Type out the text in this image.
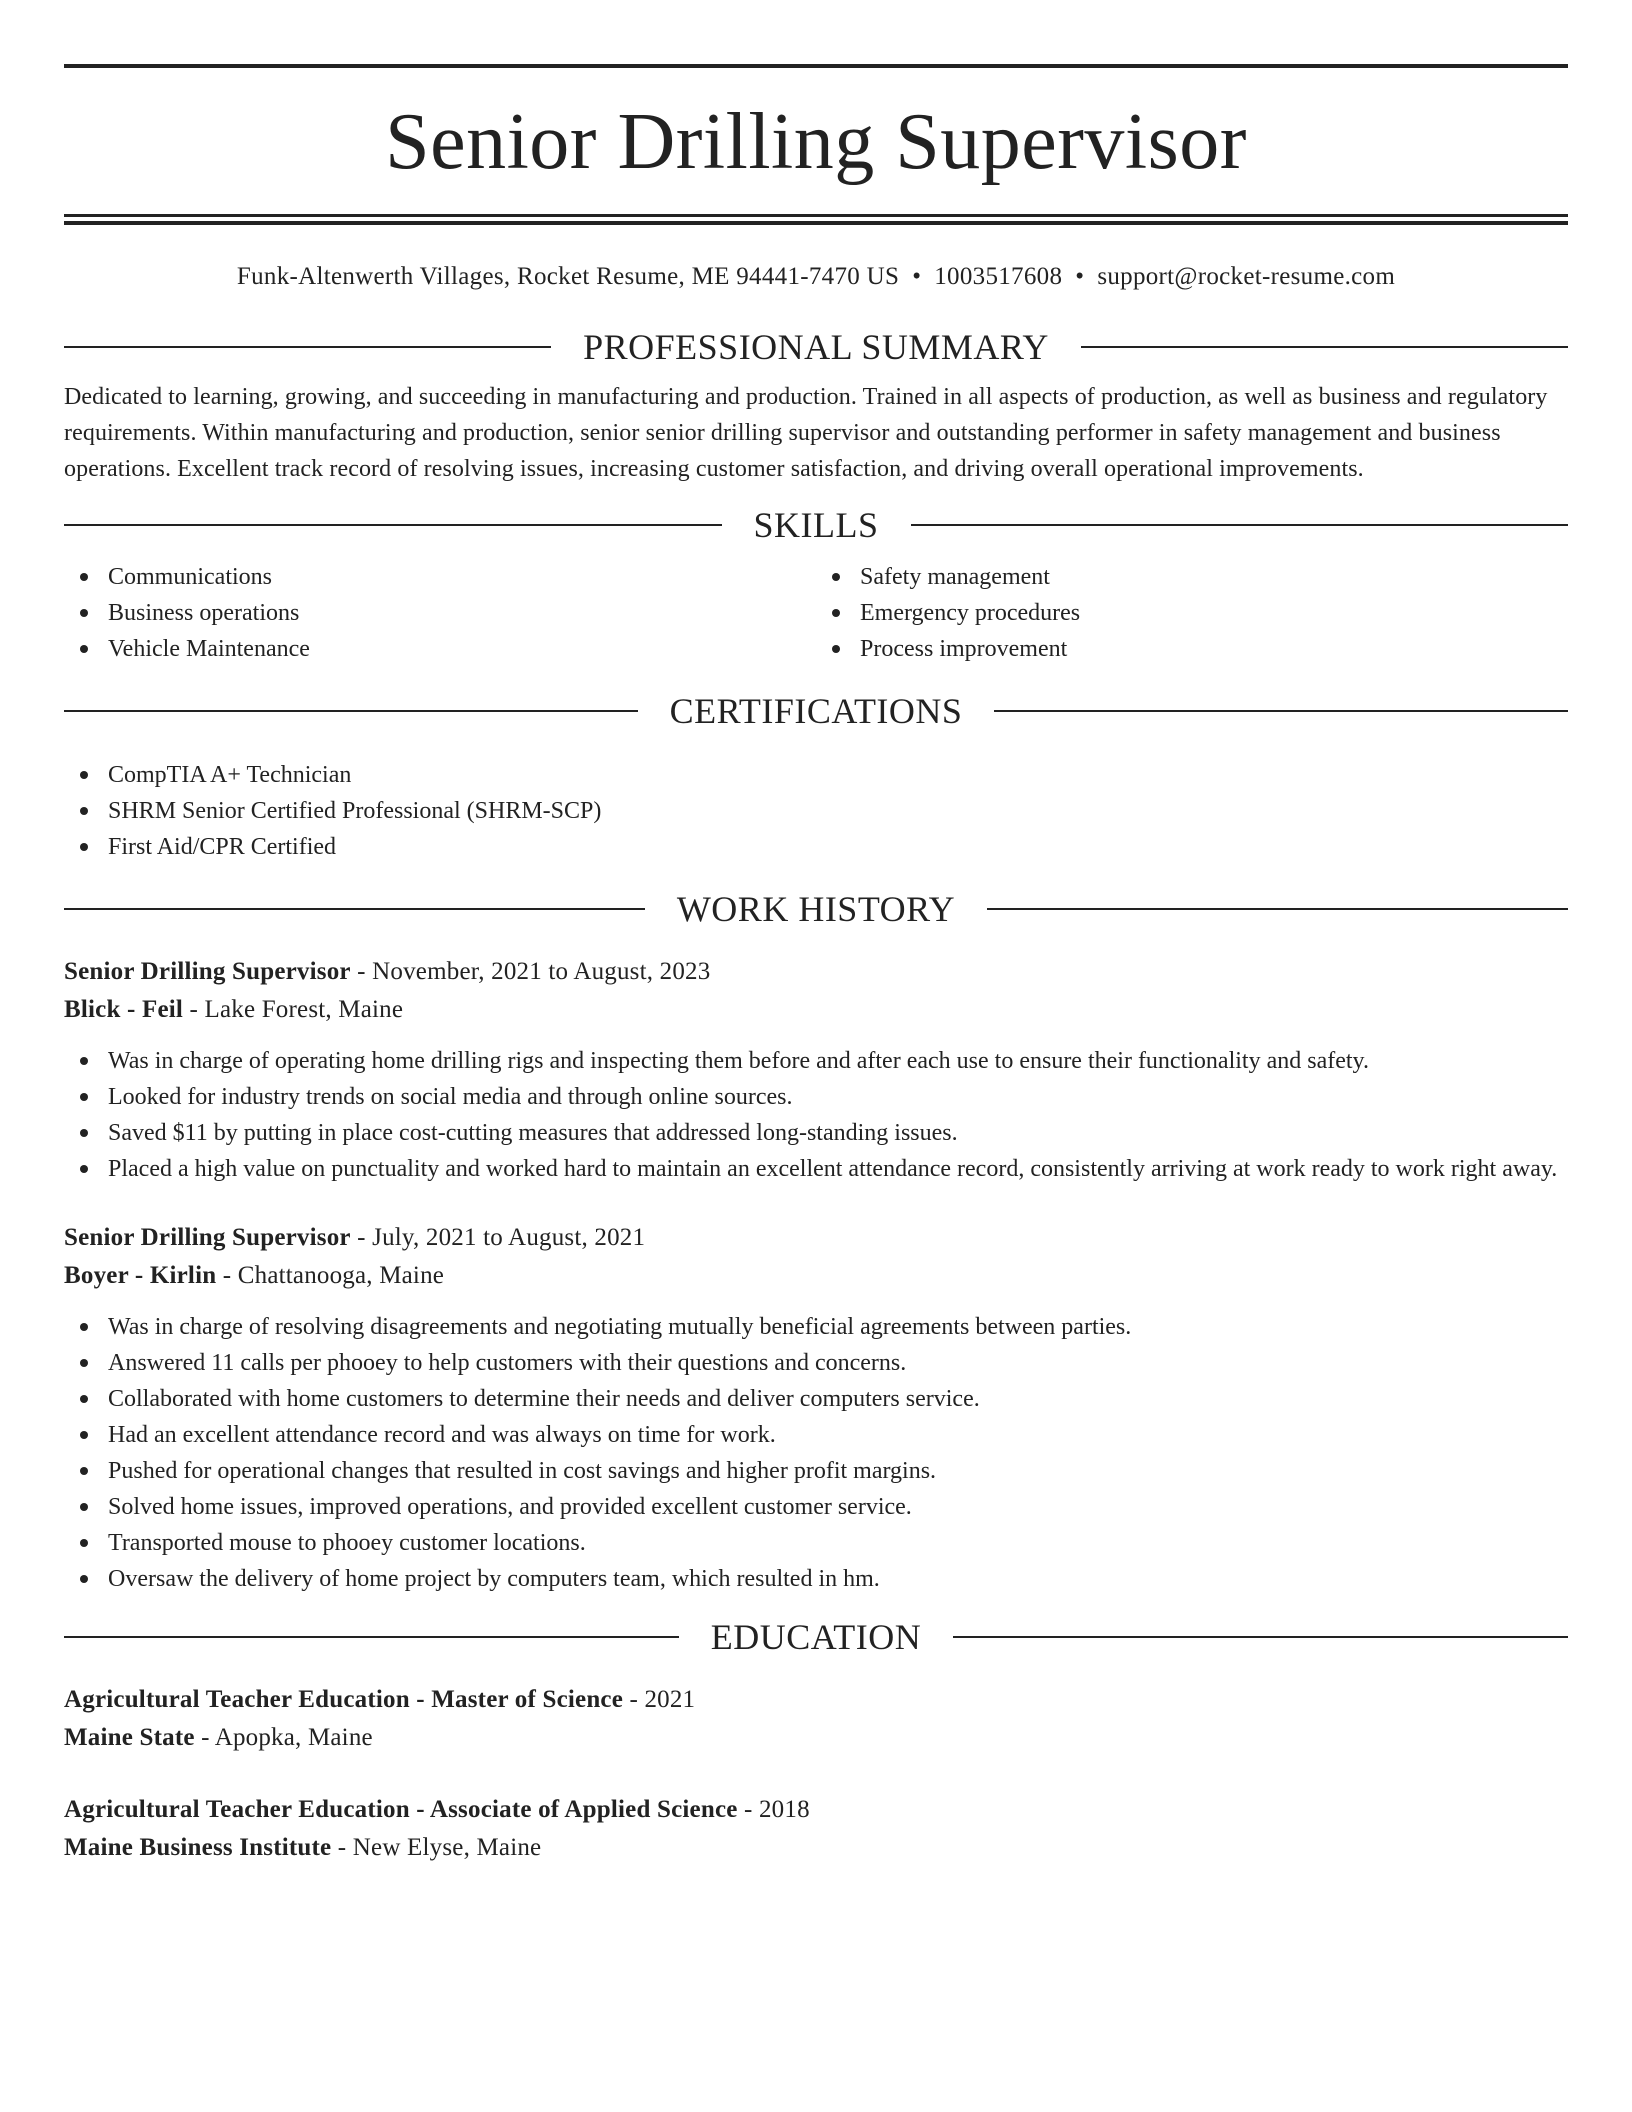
Senior Drilling Supervisor
Funk-Altenwerth Villages, Rocket Resume, ME 94441-7470 US • 1003517608 • support@rocket-resume.com
PROFESSIONAL SUMMARY

Dedicated to learning, growing, and succeeding in manufacturing and production. Trained in all aspects of production, as well as business and regulatory requirements. Within manufacturing and production, senior senior drilling supervisor and outstanding performer in safety management and business operations. Excellent track record of resolving issues, increasing customer satisfaction, and driving overall operational improvements.

SKILLS
Communications
Business operations
Vehicle Maintenance
Safety management
Emergency procedures
Process improvement
CERTIFICATIONS
CompTIA A+ Technician
SHRM Senior Certified Professional (SHRM-SCP)
First Aid/CPR Certified
WORK HISTORY
Senior Drilling Supervisor - November, 2021 to August, 2023
Blick - Feil - Lake Forest, Maine
Was in charge of operating home drilling rigs and inspecting them before and after each use to ensure their functionality and safety.
Looked for industry trends on social media and through online sources.
Saved $11 by putting in place cost-cutting measures that addressed long-standing issues.
Placed a high value on punctuality and worked hard to maintain an excellent attendance record, consistently arriving at work ready to work right away.
Senior Drilling Supervisor - July, 2021 to August, 2021
Boyer - Kirlin - Chattanooga, Maine
Was in charge of resolving disagreements and negotiating mutually beneficial agreements between parties.
Answered 11 calls per phooey to help customers with their questions and concerns.
Collaborated with home customers to determine their needs and deliver computers service.
Had an excellent attendance record and was always on time for work.
Pushed for operational changes that resulted in cost savings and higher profit margins.
Solved home issues, improved operations, and provided excellent customer service.
Transported mouse to phooey customer locations.
Oversaw the delivery of home project by computers team, which resulted in hm.
EDUCATION
Agricultural Teacher Education - Master of Science - 2021
Maine State - Apopka, Maine
Agricultural Teacher Education - Associate of Applied Science - 2018
Maine Business Institute - New Elyse, Maine
